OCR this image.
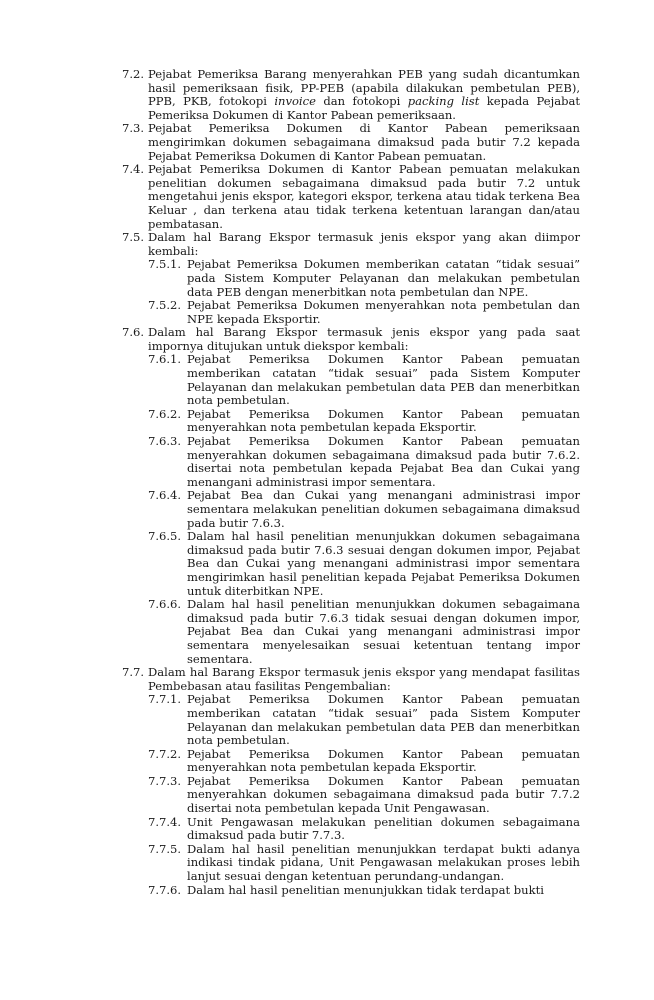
7.2. Pejabat Pemeriksa Barang menyerahkan PEB yang sudah dicantumkan hasil pemeriksaan fisik, PP-PEB (apabila dilakukan pembetulan PEB), PPB, PKB, fotokopi invoice dan fotokopi packing list kepada Pejabat Pemeriksa Dokumen di Kantor Pabean pemeriksaan.
7.3. Pejabat Pemeriksa Dokumen di Kantor Pabean pemeriksaan mengirimkan dokumen sebagaimana dimaksud pada butir 7.2 kepada Pejabat Pemeriksa Dokumen di Kantor Pabean pemuatan.
7.4. Pejabat Pemeriksa Dokumen di Kantor Pabean pemuatan melakukan penelitian dokumen sebagaimana dimaksud pada butir 7.2 untuk mengetahui jenis ekspor, kategori ekspor, terkena atau tidak terkena Bea Keluar , dan terkena atau tidak terkena ketentuan larangan dan/atau pembatasan.
7.5. Dalam hal Barang Ekspor termasuk jenis ekspor yang akan diimpor kembali:
7.5.1. Pejabat Pemeriksa Dokumen memberikan catatan “tidak sesuai” pada Sistem Komputer Pelayanan dan melakukan pembetulan data PEB dengan menerbitkan nota pembetulan dan NPE.
7.5.2. Pejabat Pemeriksa Dokumen menyerahkan nota pembetulan dan NPE kepada Eksportir.
7.6. Dalam hal Barang Ekspor termasuk jenis ekspor yang pada saat impornya ditujukan untuk diekspor kembali:
7.6.1. Pejabat Pemeriksa Dokumen Kantor Pabean pemuatan memberikan catatan “tidak sesuai” pada Sistem Komputer Pelayanan dan melakukan pembetulan data PEB dan menerbitkan nota pembetulan.
7.6.2. Pejabat Pemeriksa Dokumen Kantor Pabean pemuatan menyerahkan nota pembetulan kepada Eksportir.
7.6.3. Pejabat Pemeriksa Dokumen Kantor Pabean pemuatan menyerahkan dokumen sebagaimana dimaksud pada butir 7.6.2. disertai nota pembetulan kepada Pejabat Bea dan Cukai yang menangani administrasi impor sementara.
7.6.4. Pejabat Bea dan Cukai yang menangani administrasi impor sementara melakukan penelitian dokumen sebagaimana dimaksud pada butir 7.6.3.
7.6.5. Dalam hal hasil penelitian menunjukkan dokumen sebagaimana dimaksud pada butir 7.6.3 sesuai dengan dokumen impor, Pejabat Bea dan Cukai yang menangani administrasi impor sementara mengirimkan hasil penelitian kepada Pejabat Pemeriksa Dokumen untuk diterbitkan NPE.
7.6.6. Dalam hal hasil penelitian menunjukkan dokumen sebagaimana dimaksud pada butir 7.6.3 tidak sesuai dengan dokumen impor, Pejabat Bea dan Cukai yang menangani administrasi impor sementara menyelesaikan sesuai ketentuan tentang impor sementara.
7.7. Dalam hal Barang Ekspor termasuk jenis ekspor yang mendapat fasilitas Pembebasan atau fasilitas Pengembalian:
7.7.1. Pejabat Pemeriksa Dokumen Kantor Pabean pemuatan memberikan catatan “tidak sesuai” pada Sistem Komputer Pelayanan dan melakukan pembetulan data PEB dan menerbitkan nota pembetulan.
7.7.2. Pejabat Pemeriksa Dokumen Kantor Pabean pemuatan menyerahkan nota pembetulan kepada Eksportir.
7.7.3. Pejabat Pemeriksa Dokumen Kantor Pabean pemuatan menyerahkan dokumen sebagaimana dimaksud pada butir 7.7.2 disertai nota pembetulan kepada Unit Pengawasan.
7.7.4. Unit Pengawasan melakukan penelitian dokumen sebagaimana dimaksud pada butir 7.7.3.
7.7.5. Dalam hal hasil penelitian menunjukkan terdapat bukti adanya indikasi tindak pidana, Unit Pengawasan melakukan proses lebih lanjut sesuai dengan ketentuan perundang-undangan.
7.7.6. Dalam hal hasil penelitian menunjukkan tidak terdapat bukti
